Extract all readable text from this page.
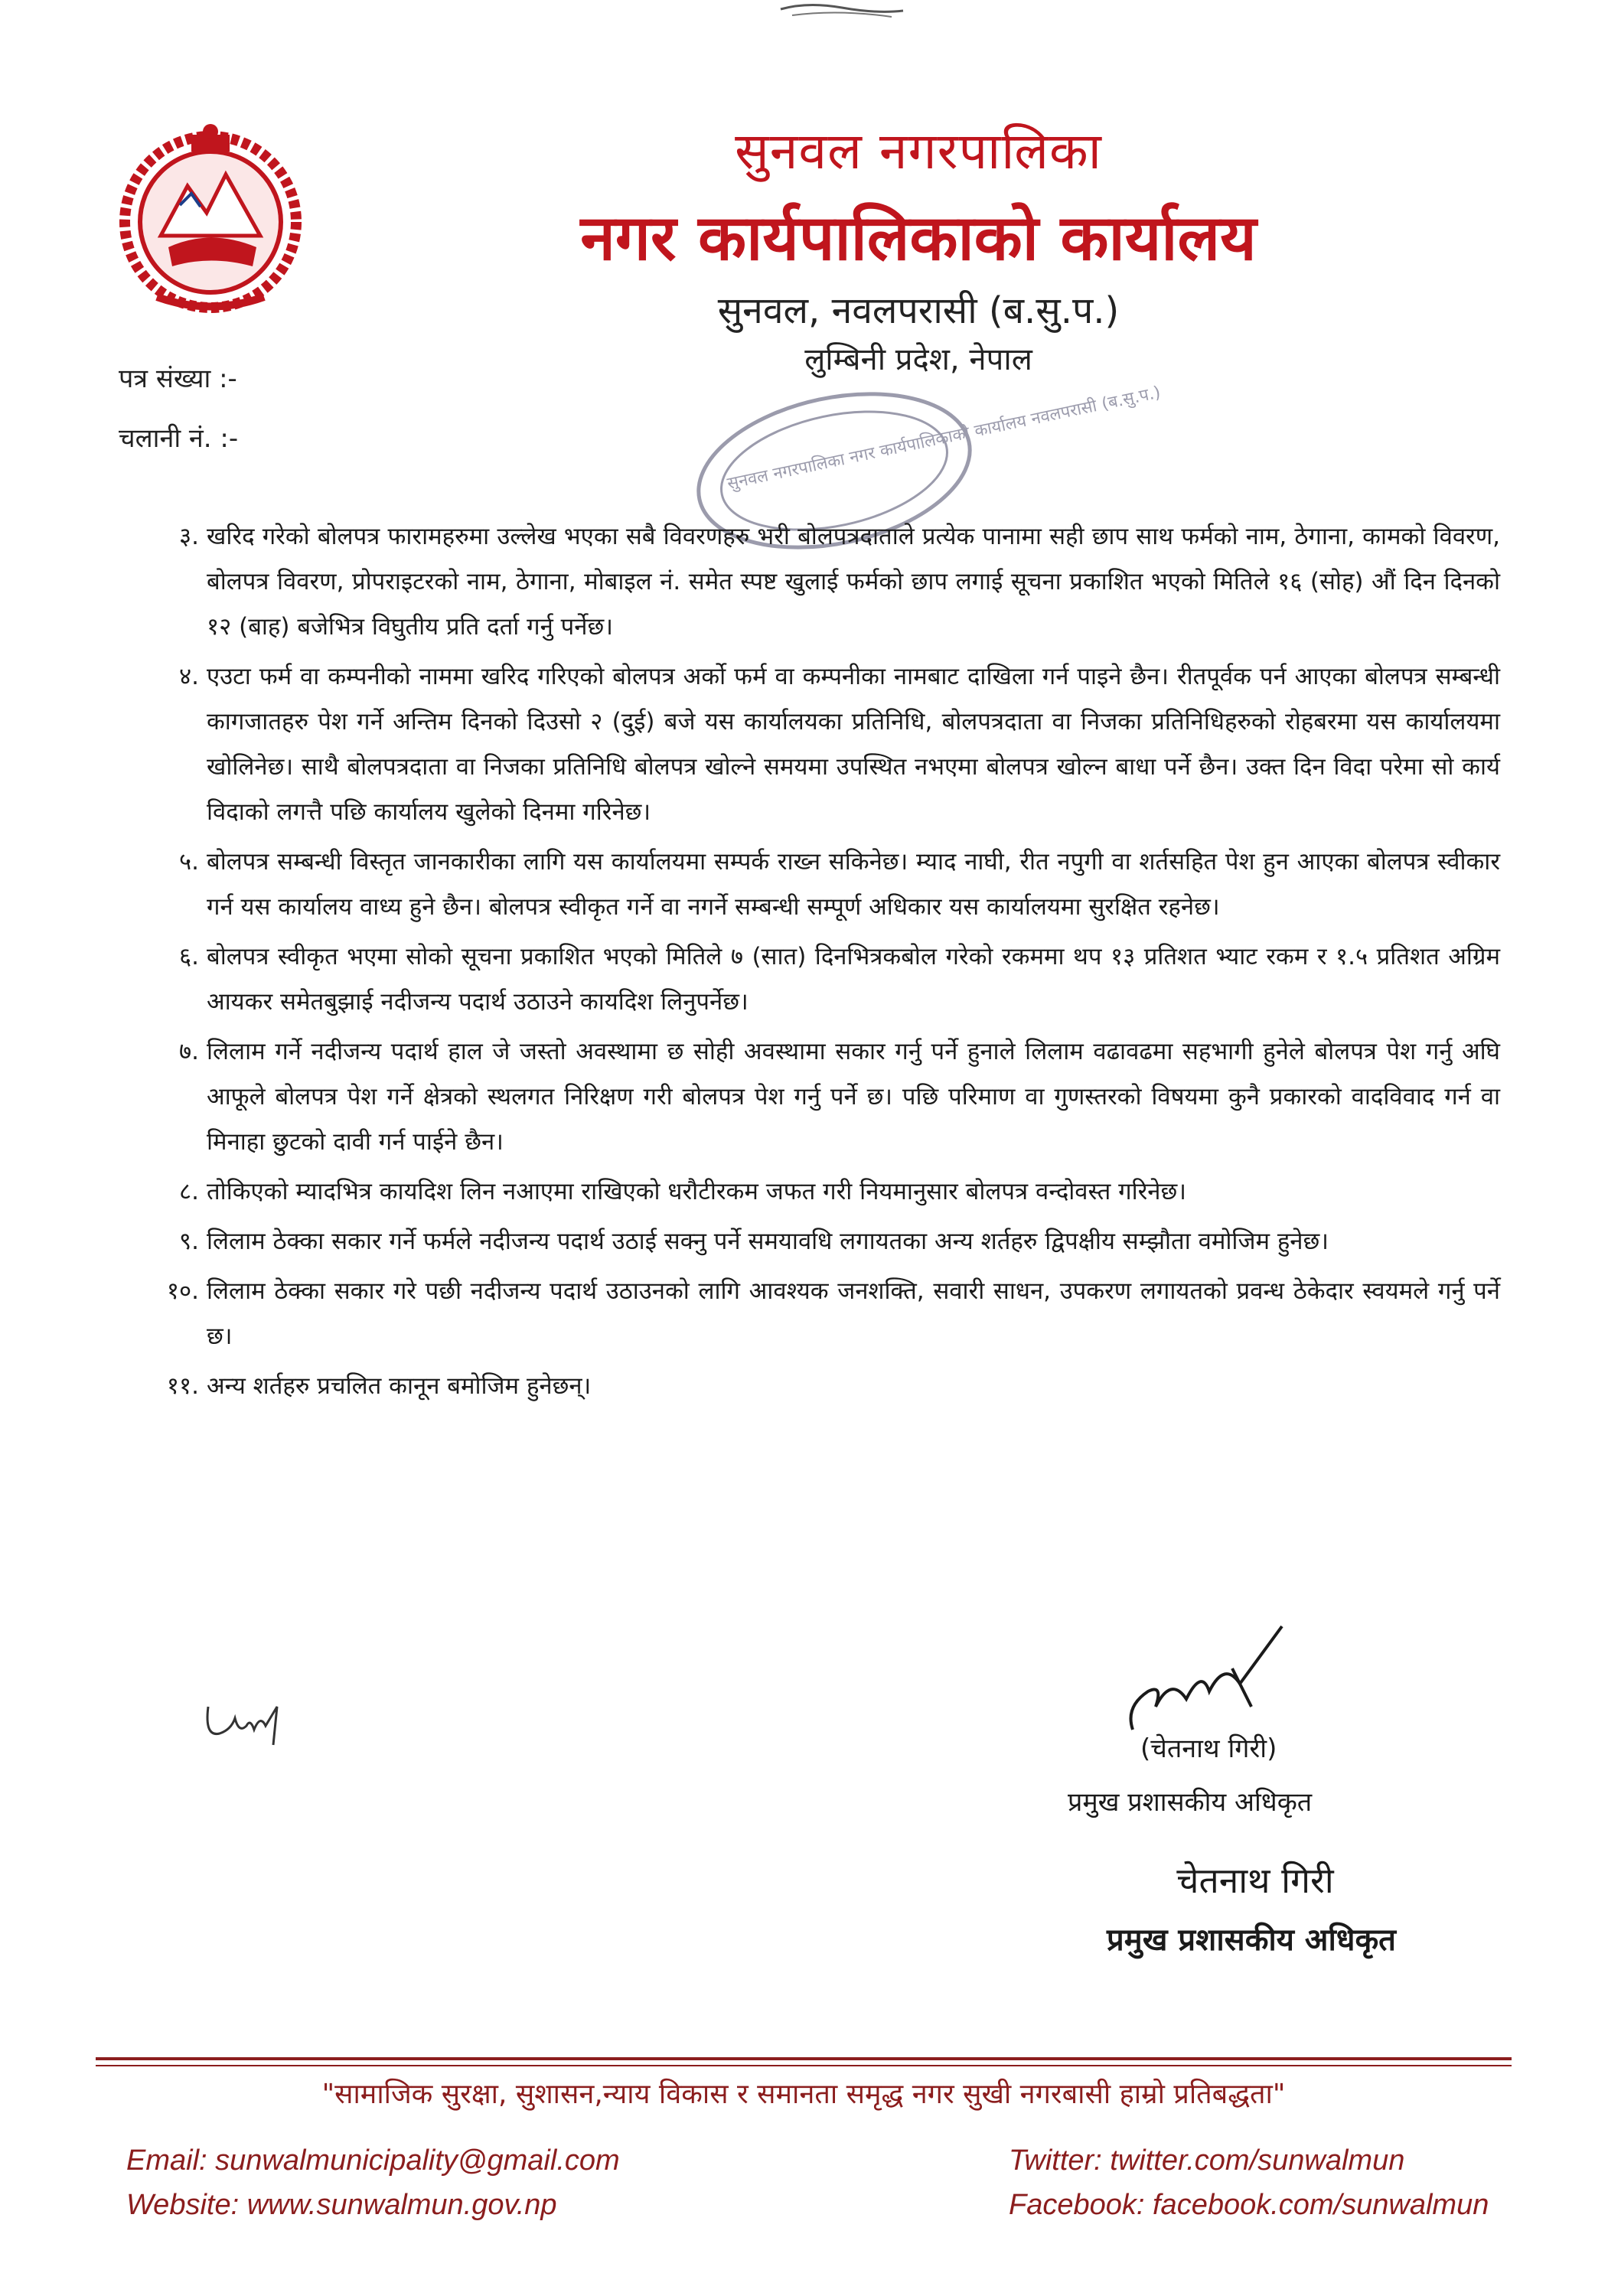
सुनवल नगरपालिका
नगर कार्यपालिकाको कार्यालय
सुनवल, नवलपरासी (ब.सु.प.)
लुम्बिनी प्रदेश, नेपाल
पत्र संख्या :-
चलानी नं. :-	सुनवल नगरपालिका नगर कार्यपालिकाको कार्यालय नवलपरासी (ब.सु.प.)
३. खरिद गरेको बोलपत्र फारामहरुमा उल्लेख भएका सबै विवरणहरु भरी बोलपत्रदाताले प्रत्येक पानामा सही छाप साथ फर्मको नाम, ठेगाना, कामको विवरण, बोलपत्र विवरण, प्रोपराइटरको नाम, ठेगाना, मोबाइल नं. समेत स्पष्ट खुलाई फर्मको छाप लगाई सूचना प्रकाशित भएको मितिले १६ (सोह) औं दिन दिनको १२ (बाह) बजेभित्र विघुतीय प्रति दर्ता गर्नु पर्नेछ।
४. एउटा फर्म वा कम्पनीको नाममा खरिद गरिएको बोलपत्र अर्को फर्म वा कम्पनीका नामबाट दाखिला गर्न पाइने छैन। रीतपूर्वक पर्न आएका बोलपत्र सम्बन्धी कागजातहरु पेश गर्ने अन्तिम दिनको दिउसो २ (दुई) बजे यस कार्यालयका प्रतिनिधि, बोलपत्रदाता वा निजका प्रतिनिधिहरुको रोहबरमा यस कार्यालयमा खोलिनेछ। साथै बोलपत्रदाता वा निजका प्रतिनिधि बोलपत्र खोल्ने समयमा उपस्थित नभएमा बोलपत्र खोल्न बाधा पर्ने छैन। उक्त दिन विदा परेमा सो कार्य विदाको लगत्तै पछि कार्यालय खुलेको दिनमा गरिनेछ।
५. बोलपत्र सम्बन्धी विस्तृत जानकारीका लागि यस कार्यालयमा सम्पर्क राख्न सकिनेछ। म्याद नाघी, रीत नपुगी वा शर्तसहित पेश हुन आएका बोलपत्र स्वीकार गर्न यस कार्यालय वाध्य हुने छैन। बोलपत्र स्वीकृत गर्ने वा नगर्ने सम्बन्धी सम्पूर्ण अधिकार यस कार्यालयमा सुरक्षित रहनेछ।
६. बोलपत्र स्वीकृत भएमा सोको सूचना प्रकाशित भएको मितिले ७ (सात) दिनभित्रकबोल गरेको रकममा थप १३ प्रतिशत भ्याट रकम र १.५ प्रतिशत अग्रिम आयकर समेतबुझाई नदीजन्य पदार्थ उठाउने कायदिश लिनुपर्नेछ।
७. लिलाम गर्ने नदीजन्य पदार्थ हाल जे जस्तो अवस्थामा छ सोही अवस्थामा सकार गर्नु पर्ने हुनाले लिलाम वढावढमा सहभागी हुनेले बोलपत्र पेश गर्नु अघि आफूले बोलपत्र पेश गर्ने क्षेत्रको स्थलगत निरिक्षण गरी बोलपत्र पेश गर्नु पर्ने छ। पछि परिमाण वा गुणस्तरको विषयमा कुनै प्रकारको वादविवाद गर्न वा मिनाहा छुटको दावी गर्न पाईने छैन।
८. तोकिएको म्यादभित्र कायदिश लिन नआएमा राखिएको धरौटीरकम जफत गरी नियमानुसार बोलपत्र वन्दोवस्त गरिनेछ।
९. लिलाम ठेक्का सकार गर्ने फर्मले नदीजन्य पदार्थ उठाई सक्नु पर्ने समयावधि लगायतका अन्य शर्तहरु द्विपक्षीय सम्झौता वमोजिम हुनेछ।
१०. लिलाम ठेक्का सकार गरे पछी नदीजन्य पदार्थ उठाउनको लागि आवश्यक जनशक्ति, सवारी साधन, उपकरण लगायतको प्रवन्ध ठेकेदार स्वयमले गर्नु पर्ने छ।
११. अन्य शर्तहरु प्रचलित कानून बमोजिम हुनेछन्।
(चेतनाथ गिरी)
प्रमुख प्रशासकीय अधिकृत
चेतनाथ गिरी
प्रमुख प्रशासकीय अधिकृत
"सामाजिक सुरक्षा, सुशासन,न्याय विकास र समानता समृद्ध नगर सुखी नगरबासी हाम्रो प्रतिबद्धता"
Email: sunwalmunicipality@gmail.com
Website: www.sunwalmun.gov.np
Twitter: twitter.com/sunwalmun
Facebook: facebook.com/sunwalmun
